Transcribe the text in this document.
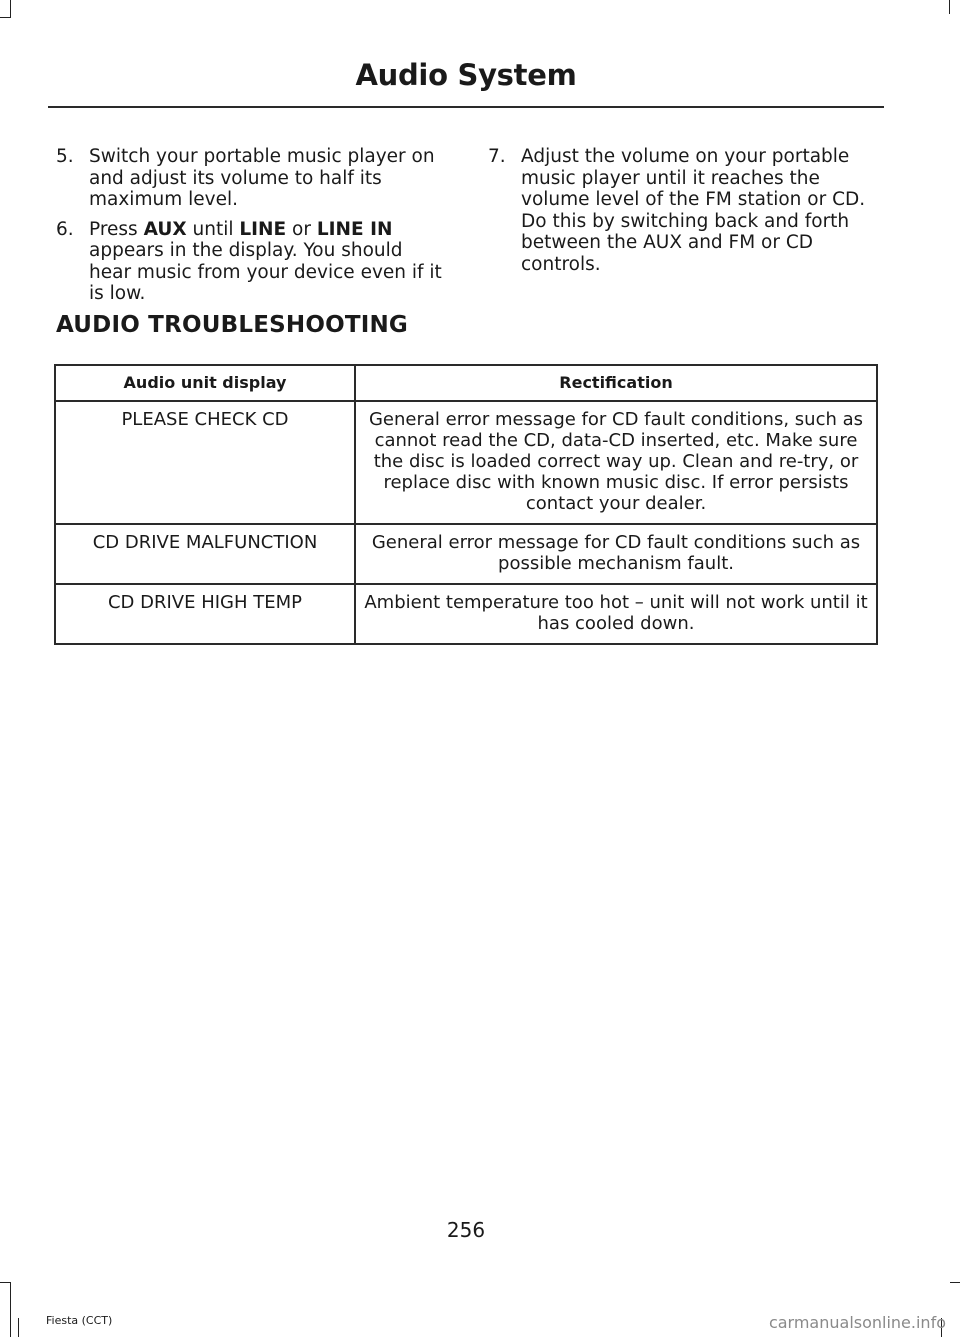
Audio System
5. Switch your portable music player on and adjust its volume to half its maximum level.
6. Press AUX until LINE or LINE IN appears in the display. You should hear music from your device even if it is low.
7. Adjust the volume on your portable music player until it reaches the volume level of the FM station or CD. Do this by switching back and forth between the AUX and FM or CD controls.
AUDIO TROUBLESHOOTING
Audio unit display	Rectification
PLEASE CHECK CD	General error message for CD fault conditions, such as cannot read the CD, data-CD inserted, etc. Make sure the disc is loaded correct way up. Clean and re-try, or replace disc with known music disc. If error persists contact your dealer.
CD DRIVE MALFUNCTION	General error message for CD fault conditions such as possible mechanism fault.
CD DRIVE HIGH TEMP	Ambient temperature too hot – unit will not work until it has cooled down.
256
Fiesta (CCT)	carmanualsonline.info
